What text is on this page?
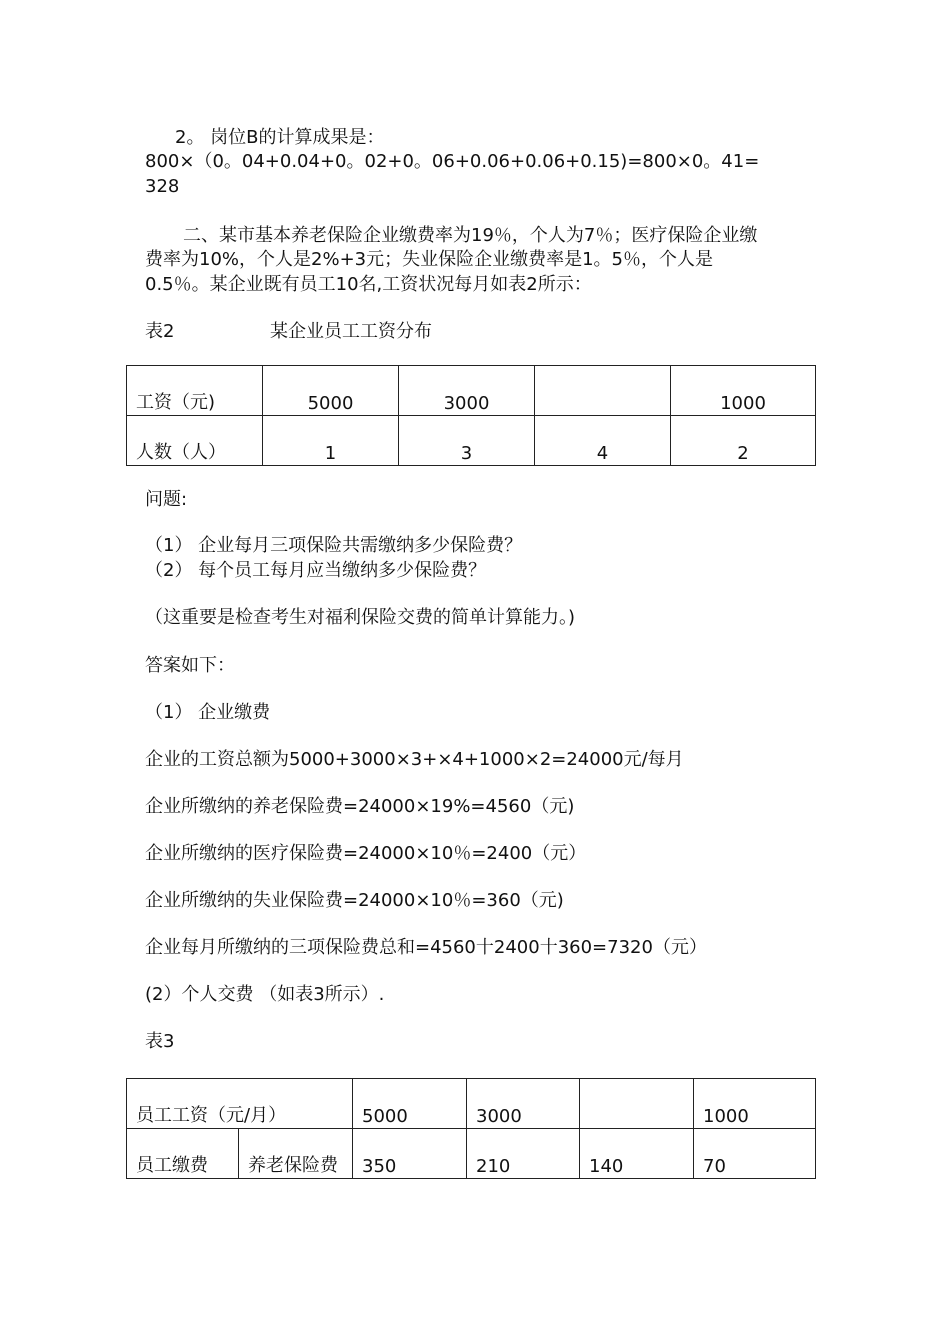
2。 岗位B的计算成果是：
800×（0。04+0.04+0。02+0。06+0.06+0.06+0.15)=800×0。41=
328
二、某市基本养老保险企业缴费率为19％，个人为7％；医疗保险企业缴
费率为10%，个人是2%+3元；失业保险企业缴费率是1。5％，个人是
0.5％。某企业既有员工10名,工资状况每月如表2所示：
表2	某企业员工工资分布
工资（元)	5000	3000		1000
人数（人）	1	3	4	2
问题:
（1） 企业每月三项保险共需缴纳多少保险费？
（2） 每个员工每月应当缴纳多少保险费？
（这重要是检查考生对福利保险交费的简单计算能力。)
答案如下：
（1） 企业缴费
企业的工资总额为5000+3000×3+×4+1000×2=24000元/每月
企业所缴纳的养老保险费=24000×19%=4560（元)
企业所缴纳的医疗保险费=24000×10％=2400（元）
企业所缴纳的失业保险费=24000×10％=360（元)
企业每月所缴纳的三项保险费总和=4560十2400十360=7320（元）
(2）个人交费 （如表3所示）.
表3
员工工资（元/月）		5000	3000		1000
员工缴费	养老保险费	350	210	140	70
